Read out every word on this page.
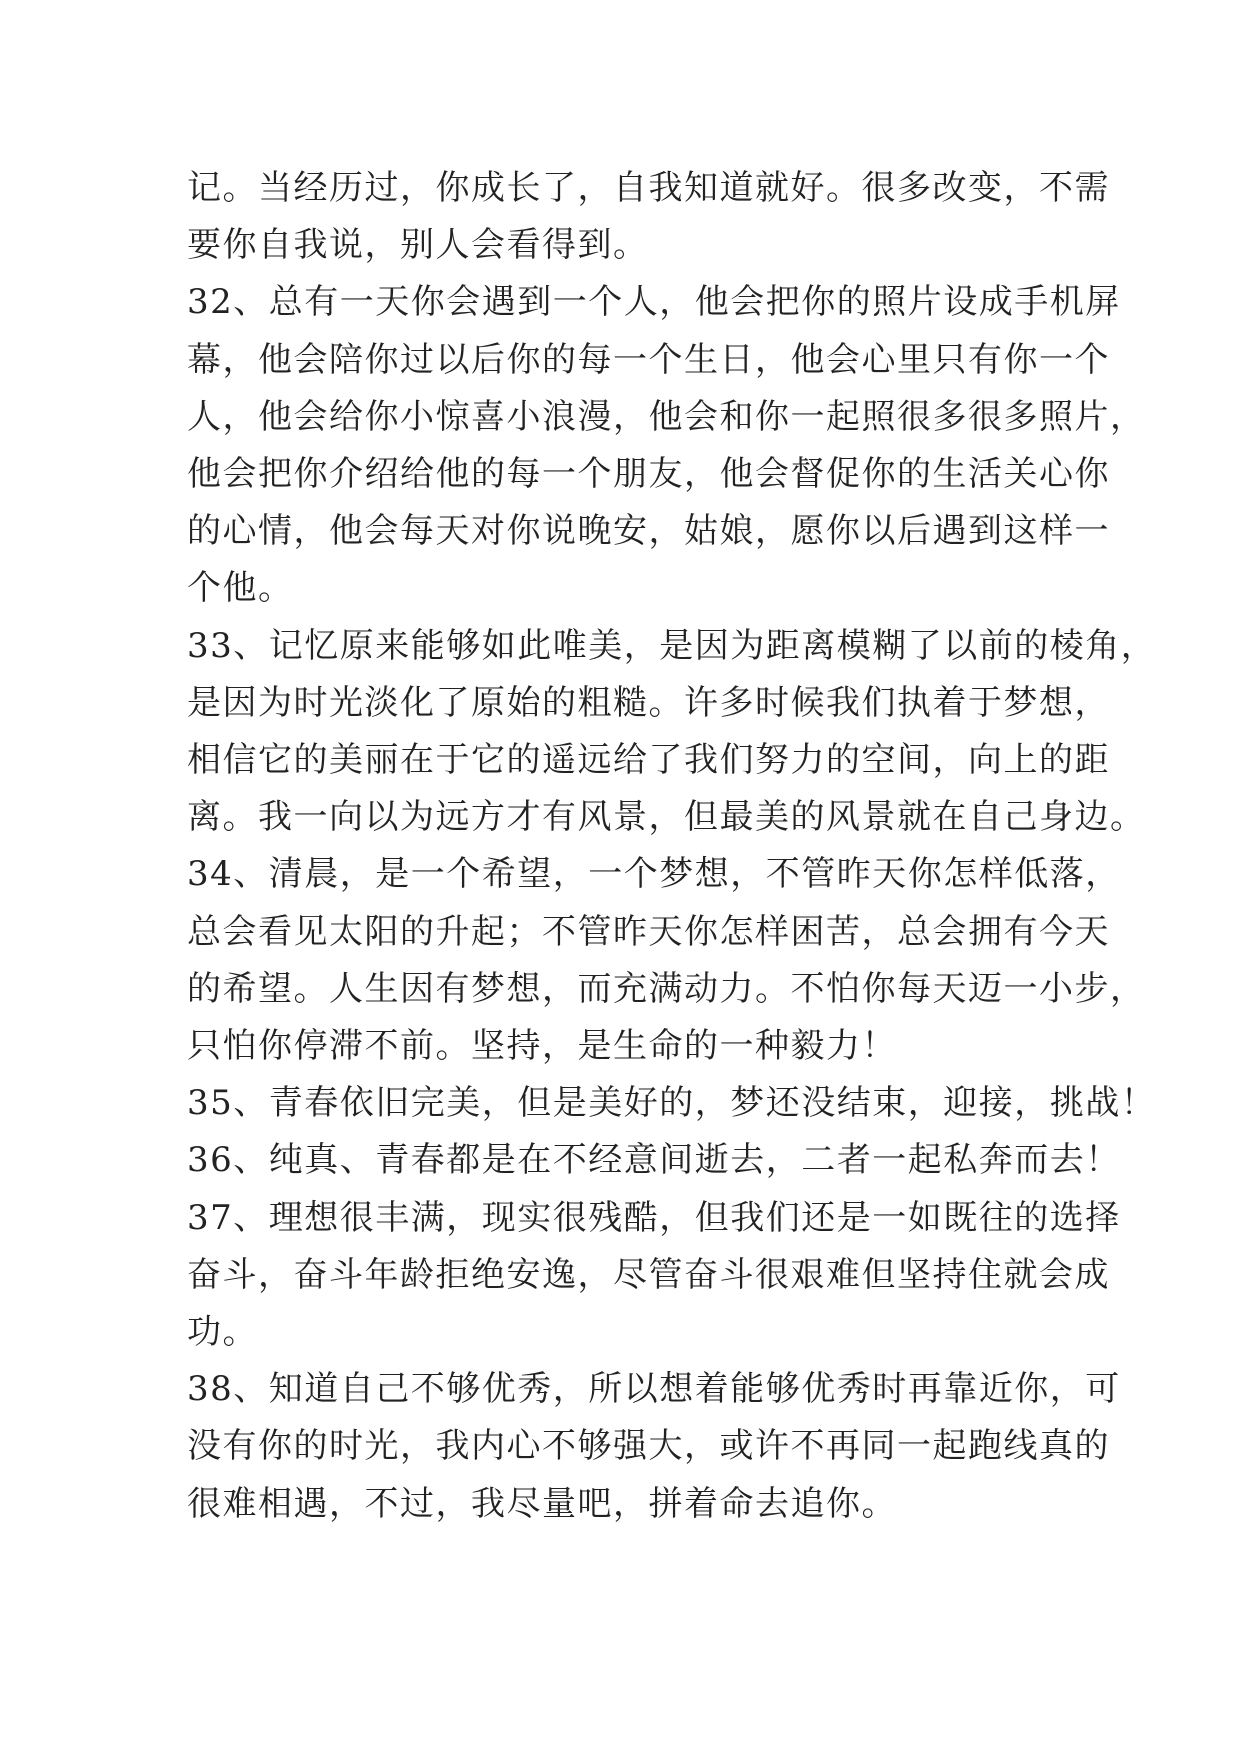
记。当经历过，你成长了，自我知道就好。很多改变，不需
要你自我说，别人会看得到。

32、总有一天你会遇到一个人，他会把你的照片设成手机屏
幕，他会陪你过以后你的每一个生日，他会心里只有你一个
人，他会给你小惊喜小浪漫，他会和你一起照很多很多照片，
他会把你介绍给他的每一个朋友，他会督促你的生活关心你
的心情，他会每天对你说晚安，姑娘，愿你以后遇到这样一
个他。

33、记忆原来能够如此唯美，是因为距离模糊了以前的棱角，
是因为时光淡化了原始的粗糙。许多时候我们执着于梦想，
相信它的美丽在于它的遥远给了我们努力的空间，向上的距
离。我一向以为远方才有风景，但最美的风景就在自己身边。

34、清晨，是一个希望，一个梦想，不管昨天你怎样低落，
总会看见太阳的升起；不管昨天你怎样困苦，总会拥有今天
的希望。人生因有梦想，而充满动力。不怕你每天迈一小步，
只怕你停滞不前。坚持，是生命的一种毅力！

35、青春依旧完美，但是美好的，梦还没结束，迎接，挑战！

36、纯真、青春都是在不经意间逝去，二者一起私奔而去！

37、理想很丰满，现实很残酷，但我们还是一如既往的选择
奋斗，奋斗年龄拒绝安逸，尽管奋斗很艰难但坚持住就会成
功。

38、知道自己不够优秀，所以想着能够优秀时再靠近你，可
没有你的时光，我内心不够强大，或许不再同一起跑线真的
很难相遇，不过，我尽量吧，拼着命去追你。
